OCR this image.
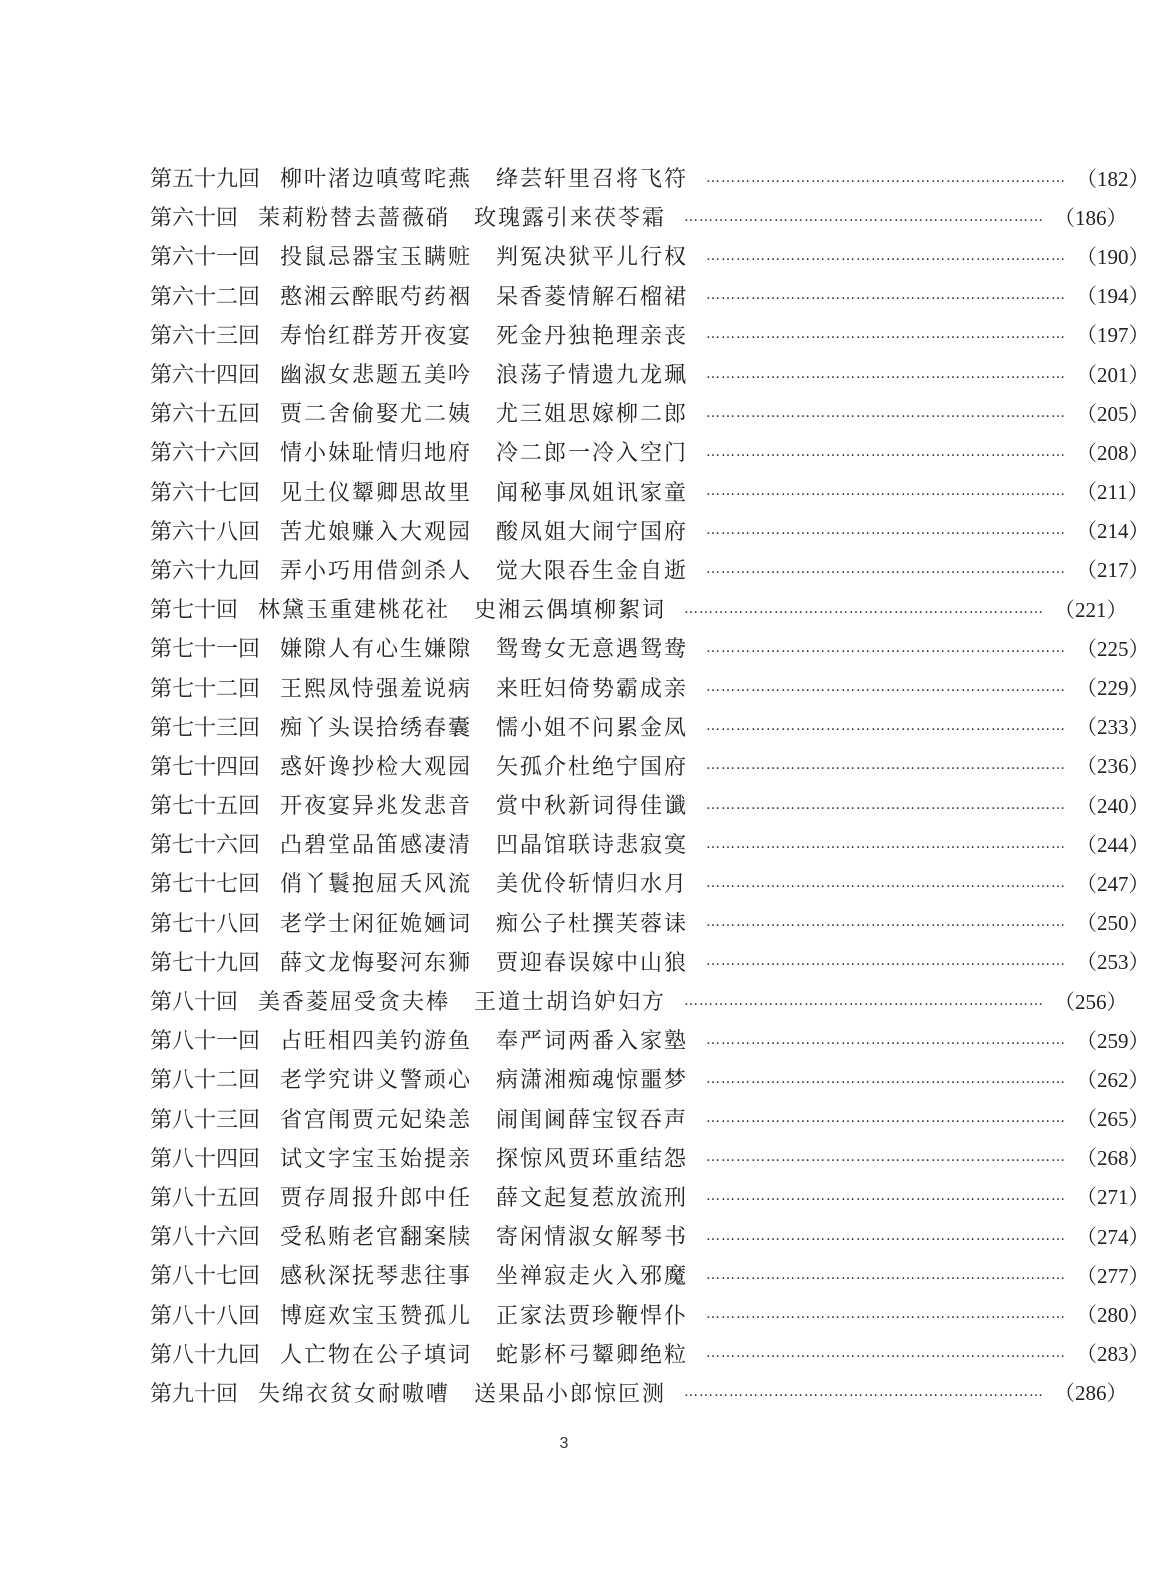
第五十九回 柳叶渚边嗔莺咤燕 绛芸轩里召将飞符 ……………………………………………………………… （182）
第六十回 茉莉粉替去蔷薇硝 玫瑰露引来茯苓霜 ……………………………………………………………… （186）
第六十一回 投鼠忌器宝玉瞒赃 判冤决狱平儿行权 ……………………………………………………………… （190）
第六十二回 憨湘云醉眠芍药裀 呆香菱情解石榴裙 ……………………………………………………………… （194）
第六十三回 寿怡红群芳开夜宴 死金丹独艳理亲丧 ……………………………………………………………… （197）
第六十四回 幽淑女悲题五美吟 浪荡子情遗九龙珮 ……………………………………………………………… （201）
第六十五回 贾二舍偷娶尤二姨 尤三姐思嫁柳二郎 ……………………………………………………………… （205）
第六十六回 情小妹耻情归地府 冷二郎一冷入空门 ……………………………………………………………… （208）
第六十七回 见土仪颦卿思故里 闻秘事凤姐讯家童 ……………………………………………………………… （211）
第六十八回 苦尤娘赚入大观园 酸凤姐大闹宁国府 ……………………………………………………………… （214）
第六十九回 弄小巧用借剑杀人 觉大限吞生金自逝 ……………………………………………………………… （217）
第七十回 林黛玉重建桃花社 史湘云偶填柳絮词 ……………………………………………………………… （221）
第七十一回 嫌隙人有心生嫌隙 鸳鸯女无意遇鸳鸯 ……………………………………………………………… （225）
第七十二回 王熙凤恃强羞说病 来旺妇倚势霸成亲 ……………………………………………………………… （229）
第七十三回 痴丫头误拾绣春囊 懦小姐不问累金凤 ……………………………………………………………… （233）
第七十四回 惑奸谗抄检大观园 矢孤介杜绝宁国府 ……………………………………………………………… （236）
第七十五回 开夜宴异兆发悲音 赏中秋新词得佳谶 ……………………………………………………………… （240）
第七十六回 凸碧堂品笛感凄清 凹晶馆联诗悲寂寞 ……………………………………………………………… （244）
第七十七回 俏丫鬟抱屈夭风流 美优伶斩情归水月 ……………………………………………………………… （247）
第七十八回 老学士闲征姽婳词 痴公子杜撰芙蓉诔 ……………………………………………………………… （250）
第七十九回 薛文龙悔娶河东狮 贾迎春误嫁中山狼 ……………………………………………………………… （253）
第八十回 美香菱屈受贪夫棒 王道士胡诌妒妇方 ……………………………………………………………… （256）
第八十一回 占旺相四美钓游鱼 奉严词两番入家塾 ……………………………………………………………… （259）
第八十二回 老学究讲义警顽心 病潇湘痴魂惊噩梦 ……………………………………………………………… （262）
第八十三回 省宫闱贾元妃染恙 闹闺阃薛宝钗吞声 ……………………………………………………………… （265）
第八十四回 试文字宝玉始提亲 探惊风贾环重结怨 ……………………………………………………………… （268）
第八十五回 贾存周报升郎中任 薛文起复惹放流刑 ……………………………………………………………… （271）
第八十六回 受私贿老官翻案牍 寄闲情淑女解琴书 ……………………………………………………………… （274）
第八十七回 感秋深抚琴悲往事 坐禅寂走火入邪魔 ……………………………………………………………… （277）
第八十八回 博庭欢宝玉赞孤儿 正家法贾珍鞭悍仆 ……………………………………………………………… （280）
第八十九回 人亡物在公子填词 蛇影杯弓颦卿绝粒 ……………………………………………………………… （283）
第九十回 失绵衣贫女耐嗷嘈 送果品小郎惊叵测 ……………………………………………………………… （286）
3
